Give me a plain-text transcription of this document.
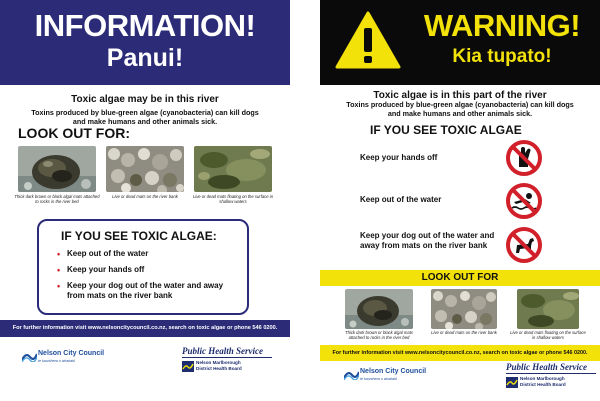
INFORMATION!
Panui!
Toxic algae may be in this river
Toxins produced by blue-green algae (cyanobacteria) can kill dogs and make humans and other animals sick.
LOOK OUT FOR:
Thick dark brown or black algal mats attached to rocks in the river bed
Live or dead mats on the river bank	Live or dead mats floating on the surface in shallow waters
IF YOU SEE TOXIC ALGAE:
• Keep out of the water
• Keep your hands off
• Keep your dog out of the water and away from mats on the river bank
For further information visit www.nelsoncitycouncil.co.nz, search on toxic algae or phone 546 0200.
Nelson City Council
te kaunihera o whakatū
Public Health Service
Nelson Marlborough
District Health Board
WARNING!
Kia tupato!
Toxic algae is in this part of the river
Toxins produced by blue-green algae (cyanobacteria) can kill dogs and make humans and other animals sick.
IF YOU SEE TOXIC ALGAE
Keep your hands off
Keep out of the water
Keep your dog out of the water and away from mats on the river bank
LOOK OUT FOR
Thick dark brown or black algal mats attached to rocks in the river bed
Live or dead mats on the river bank	Live or dead mats floating on the surface in shallow waters
For further information visit www.nelsoncitycouncil.co.nz, search on toxic algae or phone 546 0200.
Nelson City Council
te kaunihera o whakatū
Public Health Service
Nelson Marlborough
District Health Board
